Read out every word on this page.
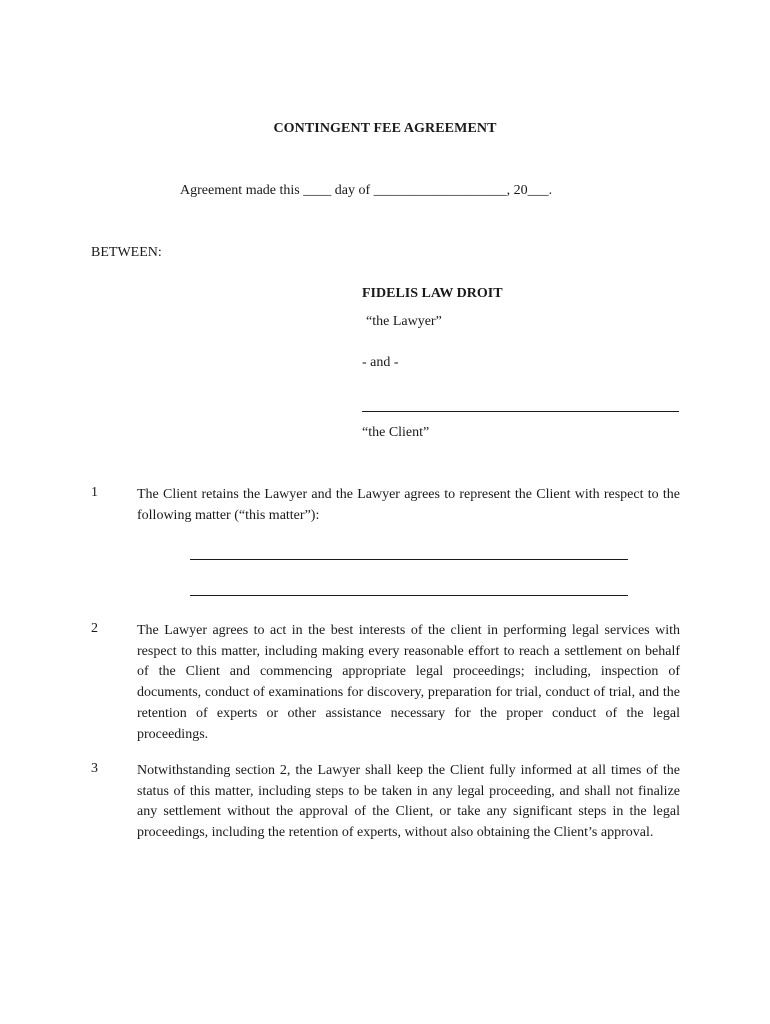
CONTINGENT FEE AGREEMENT
Agreement made this ____ day of ___________________, 20___.
BETWEEN:
FIDELIS LAW DROIT
“the Lawyer”
- and -
“the Client”
1	The Client retains the Lawyer and the Lawyer agrees to represent the Client with respect to the following matter (“this matter”):
2	The Lawyer agrees to act in the best interests of the client in performing legal services with respect to this matter, including making every reasonable effort to reach a settlement on behalf of the Client and commencing appropriate legal proceedings; including, inspection of documents, conduct of examinations for discovery, preparation for trial, conduct of trial, and the retention of experts or other assistance necessary for the proper conduct of the legal proceedings.
3	Notwithstanding section 2, the Lawyer shall keep the Client fully informed at all times of the status of this matter, including steps to be taken in any legal proceeding, and shall not finalize any settlement without the approval of the Client, or take any significant steps in the legal proceedings, including the retention of experts, without also obtaining the Client’s approval.
